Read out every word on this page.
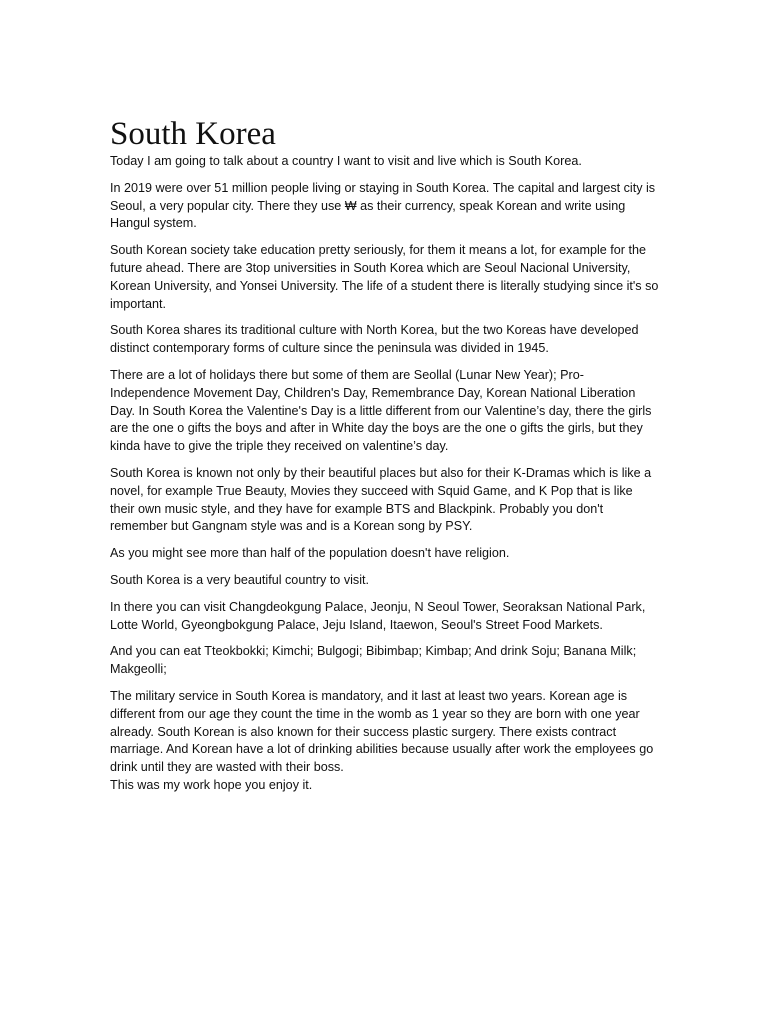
South Korea

Today I am going to talk about a country I want to visit and live which is South Korea.

In 2019 were over 51 million people living or staying in South Korea. The capital and largest city is Seoul, a very popular city. There they use ₩ as their currency, speak Korean and write using Hangul system.

South Korean society take education pretty seriously, for them it means a lot, for example for the future ahead. There are 3top universities in South Korea which are Seoul Nacional University, Korean University, and Yonsei University. The life of a student there is literally studying since it's so important.

South Korea shares its traditional culture with North Korea, but the two Koreas have developed distinct contemporary forms of culture since the peninsula was divided in 1945.

There are a lot of holidays there but some of them are Seollal (Lunar New Year); Pro-Independence Movement Day, Children's Day, Remembrance Day, Korean National Liberation Day. In South Korea the Valentine's Day is a little different from our Valentine’s day, there the girls are the one o gifts the boys and after in White day the boys are the one o gifts the girls, but they kinda have to give the triple they received on valentine’s day.

South Korea is known not only by their beautiful places but also for their K-Dramas which is like a novel, for example True Beauty, Movies they succeed with Squid Game, and K Pop that is like their own music style, and they have for example BTS and Blackpink. Probably you don't remember but Gangnam style was and is a Korean song by PSY.

As you might see more than half of the population doesn't have religion.

South Korea is a very beautiful country to visit.

In there you can visit Changdeokgung Palace, Jeonju, N Seoul Tower, Seoraksan National Park, Lotte World, Gyeongbokgung Palace, Jeju Island, Itaewon, Seoul's Street Food Markets.

And you can eat Tteokbokki; Kimchi; Bulgogi; Bibimbap; Kimbap; And drink Soju; Banana Milk; Makgeolli;

The military service in South Korea is mandatory, and it last at least two years. Korean age is different from our age they count the time in the womb as 1 year so they are born with one year already. South Korean is also known for their success plastic surgery. There exists contract marriage. And Korean have a lot of drinking abilities because usually after work the employees go drink until they are wasted with their boss.

This was my work hope you enjoy it.
